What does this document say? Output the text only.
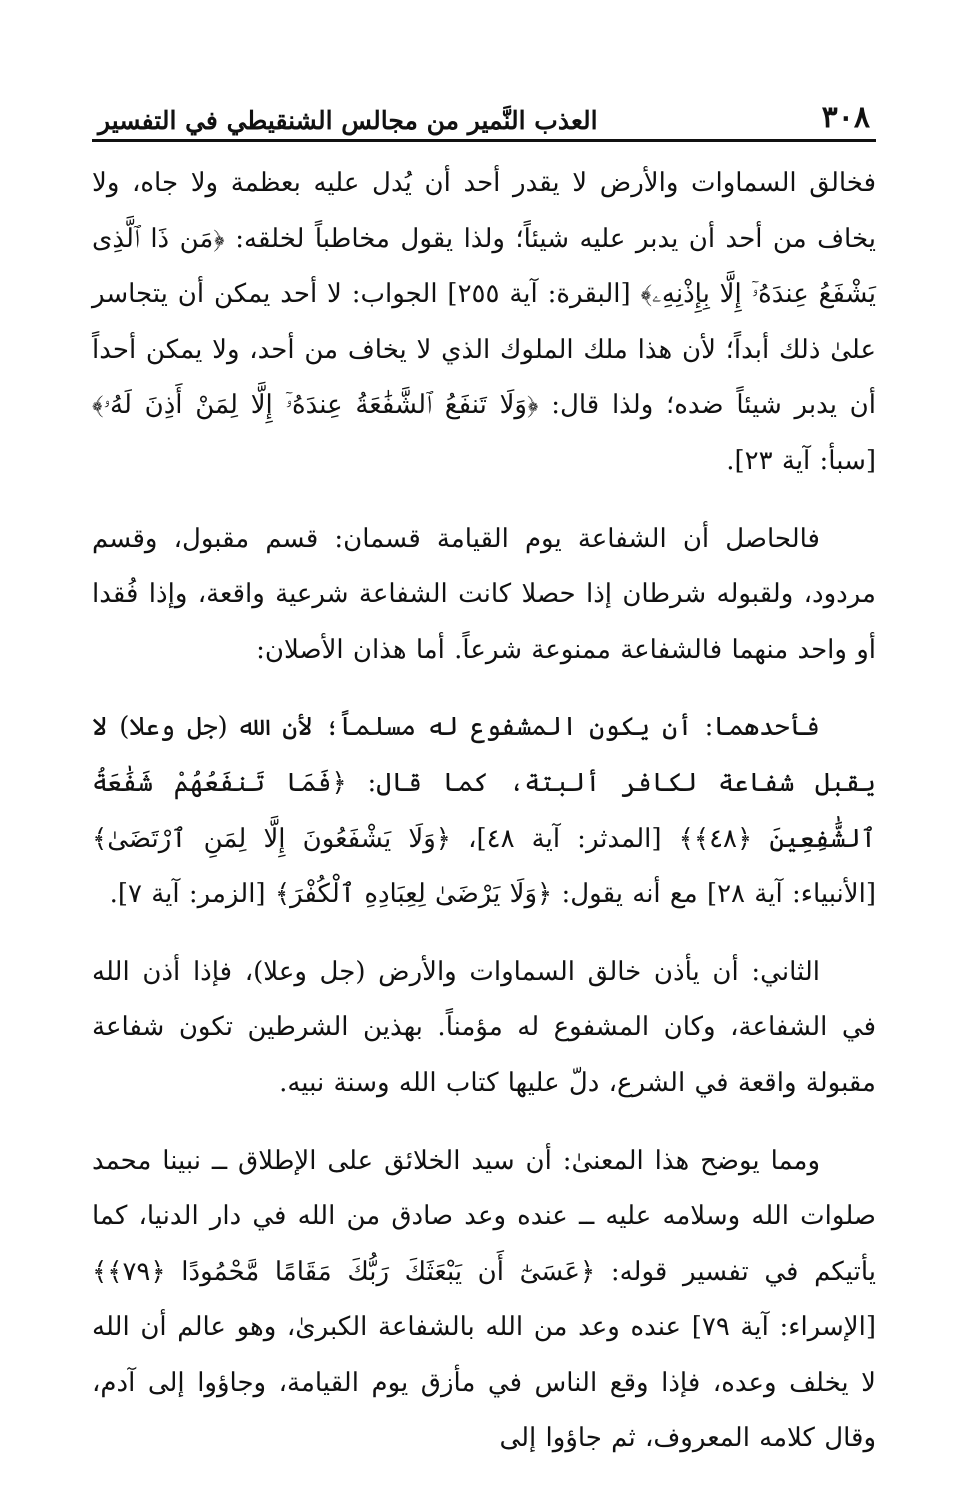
٣٠٨
العذب النَّمير من مجالس الشنقيطي في التفسير

فخالق السماوات والأرض لا يقدر أحد أن يُدل عليه بعظمة ولا جاه، ولا يخاف من أحد أن يدبر عليه شيئاً؛ ولذا يقول مخاطباً لخلقه: ﴿مَن ذَا ٱلَّذِى يَشْفَعُ عِندَهُۥٓ إِلَّا بِإِذْنِهِۦ﴾ [البقرة: آية ٢٥٥] الجواب: لا أحد يمكن أن يتجاسر علىٰ ذلك أبداً؛ لأن هذا ملك الملوك الذي لا يخاف من أحد، ولا يمكن أحداً أن يدبر شيئاً ضده؛ ولذا قال: ﴿وَلَا تَنفَعُ ٱلشَّفَٰعَةُ عِندَهُۥٓ إِلَّا لِمَنْ أَذِنَ لَهُۥ﴾ [سبأ: آية ٢٣].

فالحاصل أن الشفاعة يوم القيامة قسمان: قسم مقبول، وقسم مردود، ولقبوله شرطان إذا حصلا كانت الشفاعة شرعية واقعة، وإذا فُقدا أو واحد منهما فالشفاعة ممنوعة شرعاً. أما هذان الأصلان:

فأحدهما: أن يكون المشفوع له مسلماً؛ لأن الله (جل وعلا) لا يقبل شفاعة لكافر ألبتة، كما قال: ﴿فَمَا تَنفَعُهُمْ شَفَٰعَةُ ٱلشَّٰفِعِينَ ﴿٤٨﴾﴾ [المدثر: آية ٤٨]، ﴿وَلَا يَشْفَعُونَ إِلَّا لِمَنِ ٱرْتَضَىٰ﴾ [الأنبياء: آية ٢٨] مع أنه يقول: ﴿وَلَا يَرْضَىٰ لِعِبَادِهِ ٱلْكُفْرَ﴾ [الزمر: آية ٧].

الثاني: أن يأذن خالق السماوات والأرض (جل وعلا)، فإذا أذن الله في الشفاعة، وكان المشفوع له مؤمناً. بهذين الشرطين تكون شفاعة مقبولة واقعة في الشرع، دلّ عليها كتاب الله وسنة نبيه.

ومما يوضح هذا المعنىٰ: أن سيد الخلائق على الإطلاق ــ نبينا محمد صلوات الله وسلامه عليه ــ عنده وعد صادق من الله في دار الدنيا، كما يأتيكم في تفسير قوله: ﴿عَسَىٰٓ أَن يَبْعَثَكَ رَبُّكَ مَقَامًا مَّحْمُودًا ﴿٧٩﴾﴾ [الإسراء: آية ٧٩] عنده وعد من الله بالشفاعة الكبرىٰ، وهو عالم أن الله لا يخلف وعده، فإذا وقع الناس في مأزق يوم القيامة، وجاؤوا إلى آدم، وقال كلامه المعروف، ثم جاؤوا إلى
